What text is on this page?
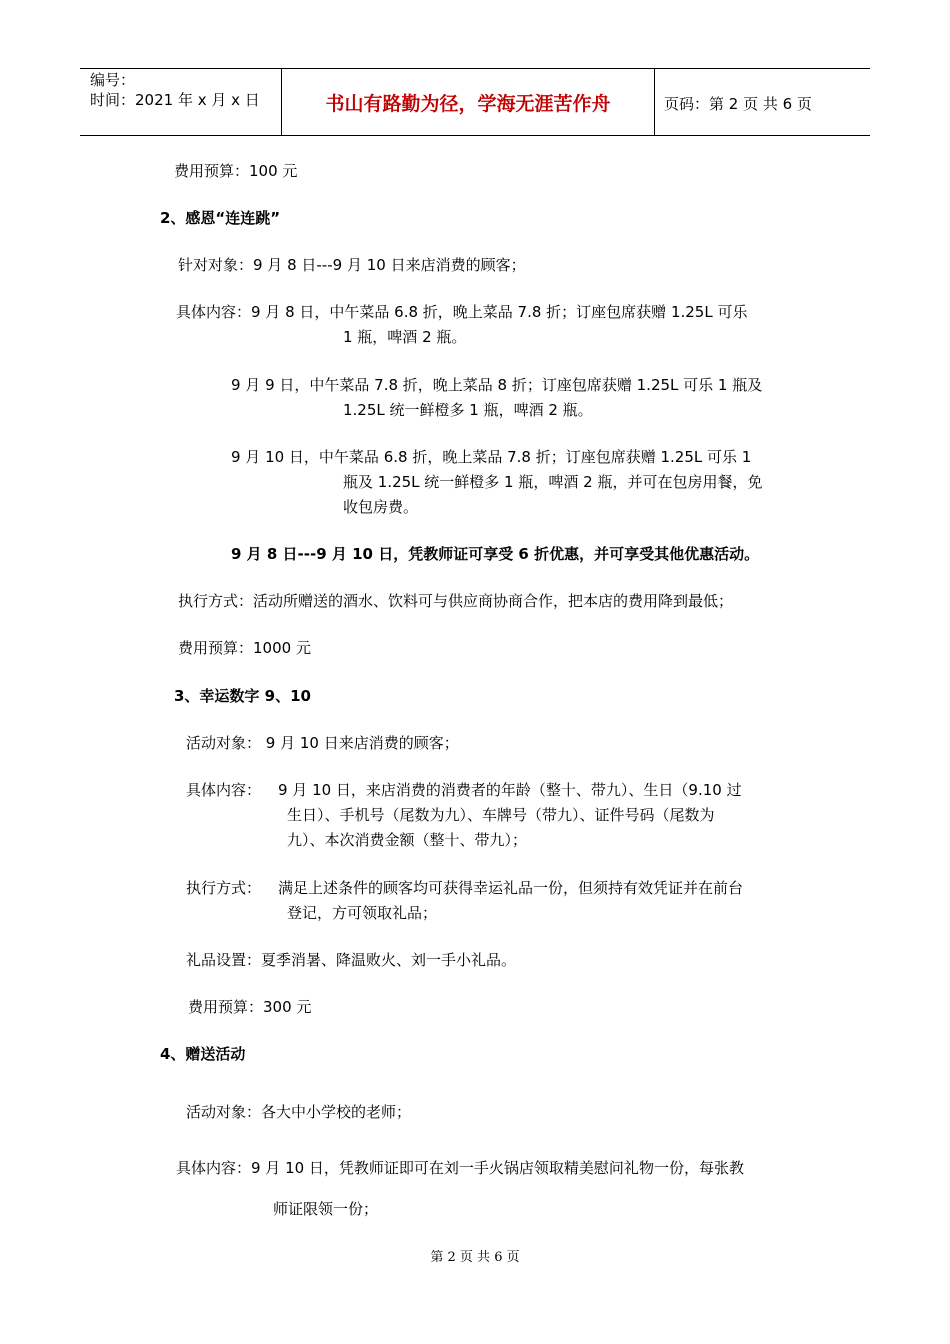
编号：
时间：2021 年 x 月 x 日	书山有路勤为径，学海无涯苦作舟	页码：第 2 页 共 6 页
费用预算：100 元
2、感恩“连连跳”
针对对象：9 月 8 日---9 月 10 日来店消费的顾客；
具体内容：9 月 8 日，中午菜品 6.8 折，晚上菜品 7.8 折；订座包席获赠 1.25L 可乐
1 瓶，啤酒 2 瓶。
9 月 9 日，中午菜品 7.8 折，晚上菜品 8 折；订座包席获赠 1.25L 可乐 1 瓶及
1.25L 统一鲜橙多 1 瓶，啤酒 2 瓶。
9 月 10 日，中午菜品 6.8 折，晚上菜品 7.8 折；订座包席获赠 1.25L 可乐 1
瓶及 1.25L 统一鲜橙多 1 瓶，啤酒 2 瓶，并可在包房用餐，免
收包房费。
9 月 8 日---9 月 10 日，凭教师证可享受 6 折优惠，并可享受其他优惠活动。
执行方式：活动所赠送的酒水、饮料可与供应商协商合作，把本店的费用降到最低；
费用预算：1000 元
3、幸运数字 9、10
活动对象： 9 月 10 日来店消费的顾客；
具体内容： 9 月 10 日，来店消费的消费者的年龄（整十、带九）、生日（9.10 过
生日）、手机号（尾数为九）、车牌号（带九）、证件号码（尾数为
九）、本次消费金额（整十、带九）；
执行方式： 满足上述条件的顾客均可获得幸运礼品一份，但须持有效凭证并在前台
登记，方可领取礼品；
礼品设置：夏季消暑、降温败火、刘一手小礼品。
费用预算：300 元
4、赠送活动
活动对象：各大中小学校的老师；
具体内容：9 月 10 日，凭教师证即可在刘一手火锅店领取精美慰问礼物一份，每张教
师证限领一份；
第 2 页 共 6 页
